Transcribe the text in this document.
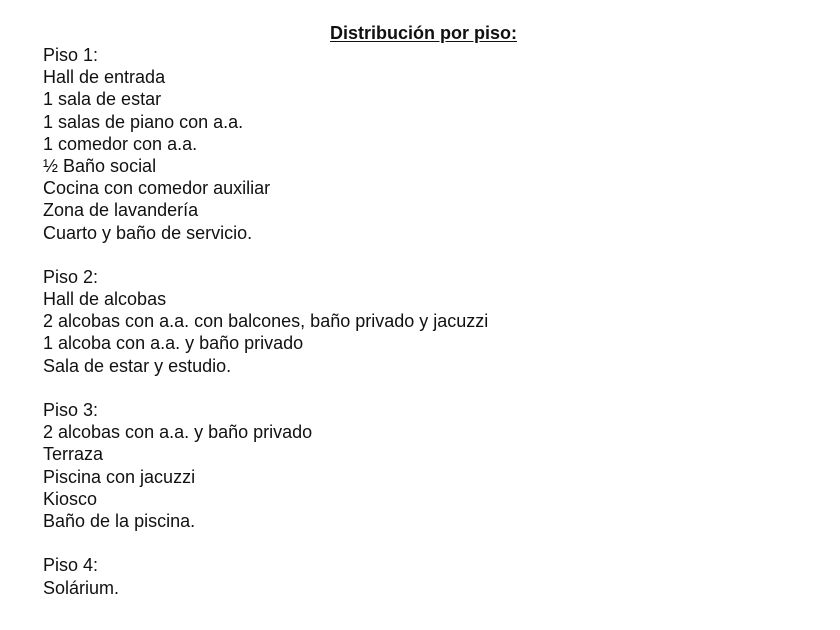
Distribución por piso:
Piso 1:
Hall de entrada
1 sala de estar
1 salas de piano con a.a.
1 comedor con a.a.
½ Baño social
Cocina con comedor auxiliar
Zona de lavandería
Cuarto y baño de servicio.
Piso 2:
Hall de alcobas
2 alcobas con a.a. con balcones, baño privado y jacuzzi
1 alcoba con a.a. y baño privado
Sala de estar y estudio.
Piso 3:
2 alcobas con a.a. y baño privado
Terraza
Piscina con jacuzzi
Kiosco
Baño de la piscina.
Piso 4:
Solárium.
